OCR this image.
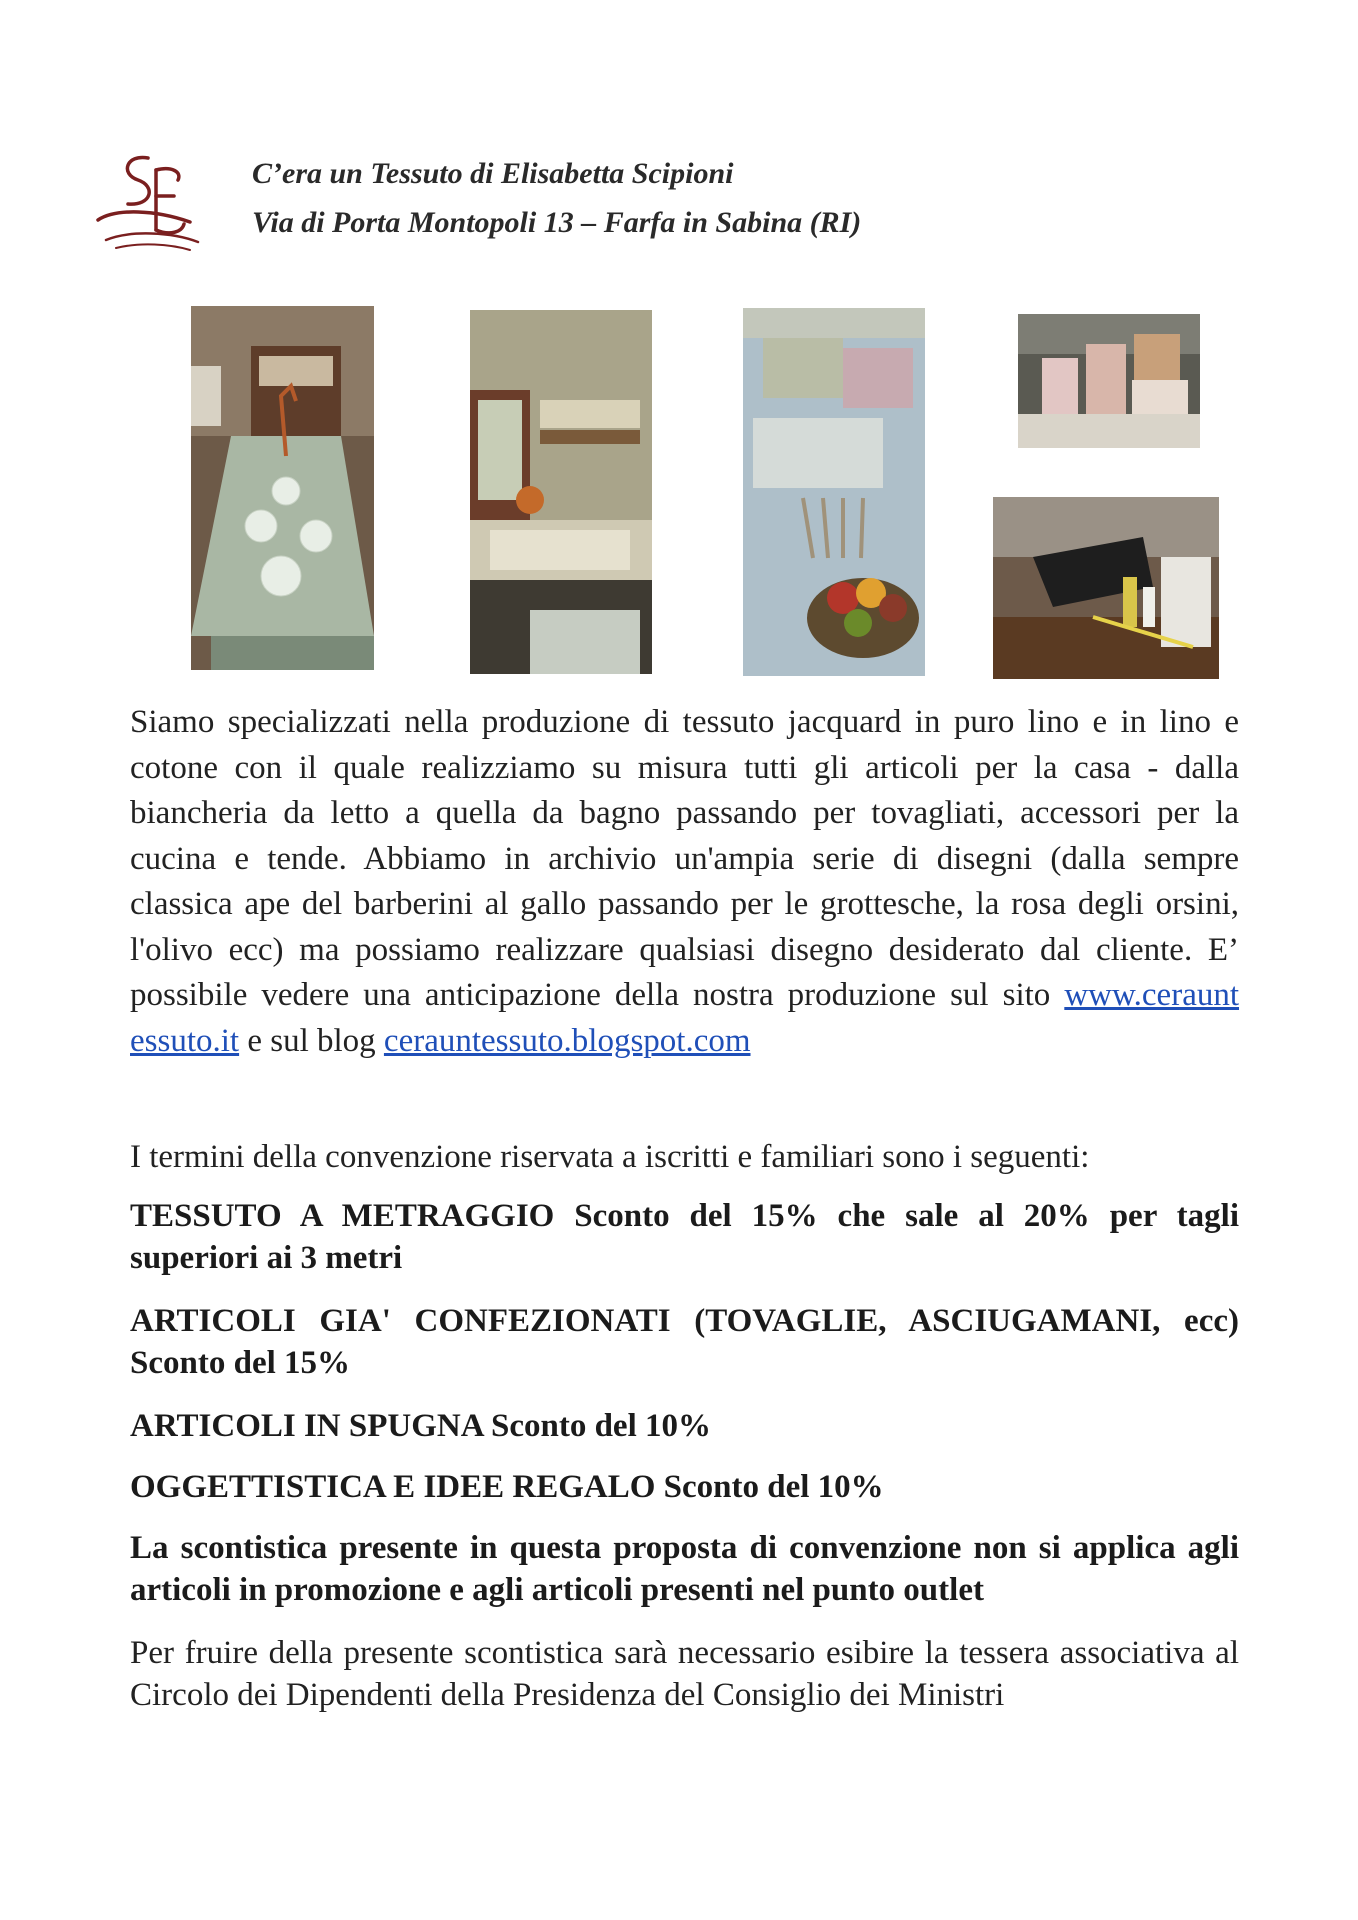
C’era un Tessuto di Elisabetta Scipioni
Via di Porta Montopoli 13 – Farfa in Sabina (RI)

Siamo specializzati nella produzione di tessuto jacquard in puro lino e in lino e cotone con il quale realizziamo su misura tutti gli articoli per la casa - dalla biancheria da letto a quella da bagno passando per tovagliati, accessori per la cucina e tende. Abbiamo in archivio un'ampia serie di disegni (dalla sempre classica ape del barberini al gallo passando per le grottesche, la rosa degli orsini, l'olivo ecc) ma possiamo realizzare qualsiasi disegno desiderato dal cliente. E’ possibile vedere una anticipazione della nostra produzione sul sito www.ceraunt​essuto.it e sul blog ceraunt​essuto.blogspot.com

I termini della convenzione riservata a iscritti e familiari sono i seguenti:

TESSUTO A METRAGGIO Sconto del 15% che sale al 20% per tagli superiori ai 3 metri

ARTICOLI GIA' CONFEZIONATI (TOVAGLIE, ASCIUGAMANI, ecc) Sconto del 15%

ARTICOLI IN SPUGNA Sconto del 10%

OGGETTISTICA E IDEE REGALO Sconto del 10%

La scontistica presente in questa proposta di convenzione non si applica agli articoli in promozione e agli articoli presenti nel punto outlet

Per fruire della presente scontistica sarà necessario esibire la tessera associativa al Circolo dei Dipendenti della Presidenza del Consiglio dei Ministri
